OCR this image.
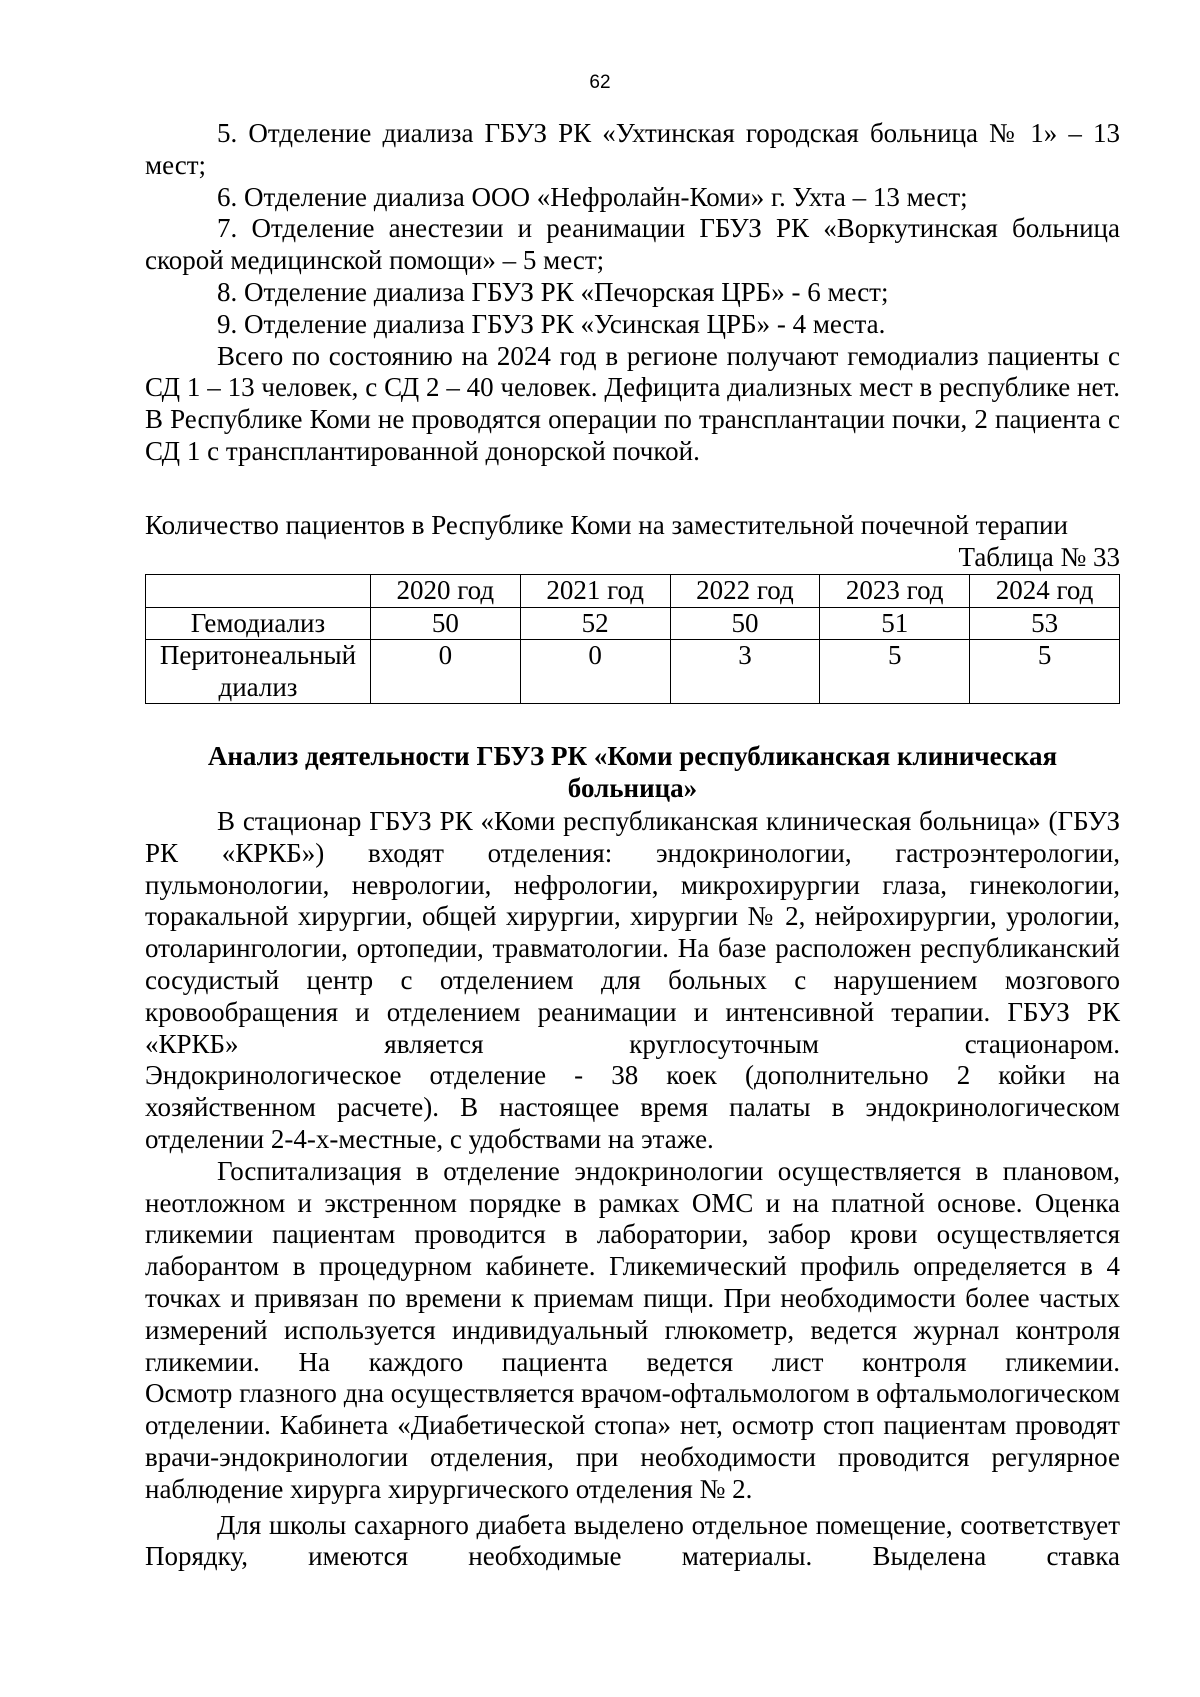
62

5. Отделение диализа ГБУЗ РК «Ухтинская городская больница № 1» – 13 мест;

6. Отделение диализа ООО «Нефролайн-Коми» г. Ухта – 13 мест;

7. Отделение анестезии и реанимации ГБУЗ РК «Воркутинская больница скорой медицинской помощи» – 5 мест;

8. Отделение диализа ГБУЗ РК «Печорская ЦРБ» - 6 мест;

9. Отделение диализа ГБУЗ РК «Усинская ЦРБ» - 4 места.

Всего по состоянию на 2024 год в регионе получают гемодиализ пациенты с СД 1 – 13 человек, с СД 2 – 40 человек. Дефицита диализных мест в республике нет. В Республике Коми не проводятся операции по трансплантации почки, 2 пациента с СД 1 с трансплантированной донорской почкой.

Количество пациентов в Республике Коми на заместительной почечной терапии

Таблица № 33

	2020 год	2021 год	2022 год	2023 год	2024 год
Гемодиализ	50	52	50	51	53
Перитонеальный диализ	0	0	3	5	5

Анализ деятельности ГБУЗ РК «Коми республиканская клиническая больница»

В стационар ГБУЗ РК «Коми республиканская клиническая больница» (ГБУЗ РК «КРКБ») входят отделения: эндокринологии, гастроэнтерологии, пульмонологии, неврологии, нефрологии, микрохирургии глаза, гинекологии, торакальной хирургии, общей хирургии, хирургии № 2, нейрохирургии, урологии, отоларингологии, ортопедии, травматологии. На базе расположен республиканский сосудистый центр с отделением для больных с нарушением мозгового кровообращения и отделением реанимации и интенсивной терапии. ГБУЗ РК «КРКБ» является круглосуточным стационаром.

Эндокринологическое отделение - 38 коек (дополнительно 2 койки на хозяйственном расчете). В настоящее время палаты в эндокринологическом отделении 2-4-х-местные, с удобствами на этаже.

Госпитализация в отделение эндокринологии осуществляется в плановом, неотложном и экстренном порядке в рамках ОМС и на платной основе. Оценка гликемии пациентам проводится в лаборатории, забор крови осуществляется лаборантом в процедурном кабинете. Гликемический профиль определяется в 4 точках и привязан по времени к приемам пищи. При необходимости более частых измерений используется индивидуальный глюкометр, ведется журнал контроля гликемии. На каждого пациента ведется лист контроля гликемии.

Осмотр глазного дна осуществляется врачом-офтальмологом в офтальмологическом отделении. Кабинета «Диабетической стопа» нет, осмотр стоп пациентам проводят врачи-эндокринологии отделения, при необходимости проводится регулярное наблюдение хирурга хирургического отделения № 2.

Для школы сахарного диабета выделено отдельное помещение, соответствует Порядку, имеются необходимые материалы. Выделена ставка
